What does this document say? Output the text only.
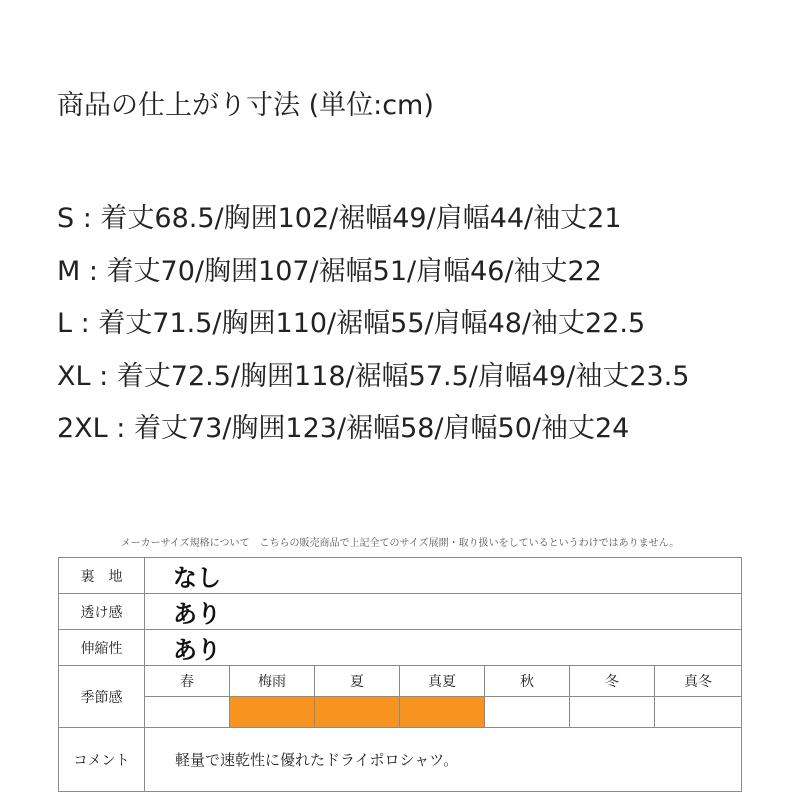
商品の仕上がり寸法 (単位:cm)
S : 着丈68.5/胸囲102/裾幅49/肩幅44/袖丈21
M : 着丈70/胸囲107/裾幅51/肩幅46/袖丈22
L : 着丈71.5/胸囲110/裾幅55/肩幅48/袖丈22.5
XL : 着丈72.5/胸囲118/裾幅57.5/肩幅49/袖丈23.5
2XL : 着丈73/胸囲123/裾幅58/肩幅50/袖丈24
メーカーサイズ規格について　こちらの販売商品で上記全てのサイズ展開・取り扱いをしているというわけではありません。
裏　地	なし						
透け感	あり						
伸縮性	あり						
季節感	春	梅雨	夏	真夏	秋	冬	真冬

コメント	軽量で速乾性に優れたドライポロシャツ。						
